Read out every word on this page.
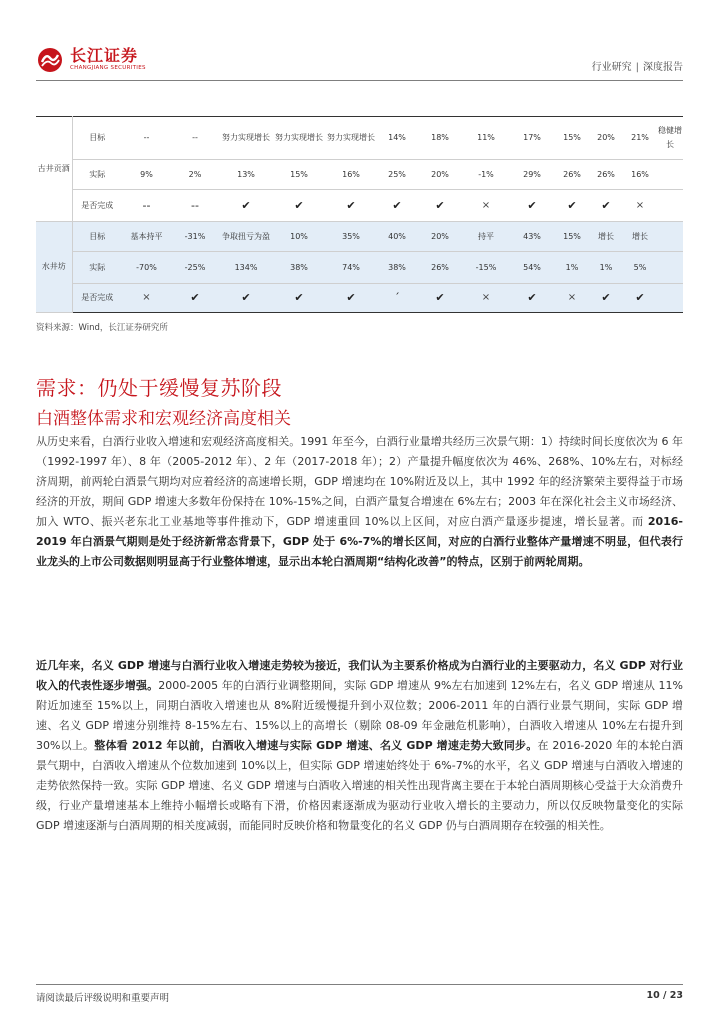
长江证券
CHANGJIANG SECURITIES	行业研究 | 深度报告
古井贡酒	目标	--	--	努力实现增长	努力实现增长	努力实现增长	14%	18%	11%	17%	15%	20%	21%	稳健增长
	实际	9%	2%	13%	15%	16%	25%	20%	-1%	29%	26%	26%	16%	
	是否完成	--	--	✔	✔	✔	✔	✔	×	✔	✔	✔	×	
水井坊	目标	基本持平	-31%	争取扭亏为盈	10%	35%	40%	20%	持平	43%	15%	增长	增长	
	实际	-70%	-25%	134%	38%	74%	38%	26%	-15%	54%	1%	1%	5%	
	是否完成	×	✔	✔	✔	✔	ˊ	✔	×	✔	×	✔	✔	
资料来源：Wind，长江证券研究所
需求：仍处于缓慢复苏阶段
白酒整体需求和宏观经济高度相关
从历史来看，白酒行业收入增速和宏观经济高度相关。1991 年至今，白酒行业量增共经历三次景气期：1）持续时间长度依次为 6 年（1992-1997 年）、8 年（2005-2012 年）、2 年（2017-2018 年）；2）产量提升幅度依次为 46%、268%、10%左右，对标经济周期，前两轮白酒景气期均对应着经济的高速增长期，GDP 增速均在 10%附近及以上，其中 1992 年的经济繁荣主要得益于市场经济的开放，期间 GDP 增速大多数年份保持在 10%-15%之间，白酒产量复合增速在 6%左右；2003 年在深化社会主义市场经济、加入 WTO、振兴老东北工业基地等事件推动下，GDP 增速重回 10%以上区间，对应白酒产量逐步提速，增长显著。而 2016-2019 年白酒景气期则是处于经济新常态背景下，GDP 处于 6%-7%的增长区间，对应的白酒行业整体产量增速不明显，但代表行业龙头的上市公司数据则明显高于行业整体增速，显示出本轮白酒周期“结构化改善”的特点，区别于前两轮周期。
近几年来，名义 GDP 增速与白酒行业收入增速走势较为接近，我们认为主要系价格成为白酒行业的主要驱动力，名义 GDP 对行业收入的代表性逐步增强。2000-2005 年的白酒行业调整期间，实际 GDP 增速从 9%左右加速到 12%左右，名义 GDP 增速从 11%附近加速至 15%以上，同期白酒收入增速也从 8%附近缓慢提升到小双位数；2006-2011 年的白酒行业景气期间，实际 GDP 增速、名义 GDP 增速分别维持 8-15%左右、15%以上的高增长（剔除 08-09 年金融危机影响），白酒收入增速从 10%左右提升到 30%以上。整体看 2012 年以前，白酒收入增速与实际 GDP 增速、名义 GDP 增速走势大致同步。在 2016-2020 年的本轮白酒景气期中，白酒收入增速从个位数加速到 10%以上，但实际 GDP 增速始终处于 6%-7%的水平，名义 GDP 增速与白酒收入增速的走势依然保持一致。实际 GDP 增速、名义 GDP 增速与白酒收入增速的相关性出现背离主要在于本轮白酒周期核心受益于大众消费升级，行业产量增速基本上维持小幅增长或略有下滑，价格因素逐渐成为驱动行业收入增长的主要动力，所以仅反映物量变化的实际 GDP 增速逐渐与白酒周期的相关度减弱，而能同时反映价格和物量变化的名义 GDP 仍与白酒周期存在较强的相关性。
请阅读最后评级说明和重要声明	10 / 23
